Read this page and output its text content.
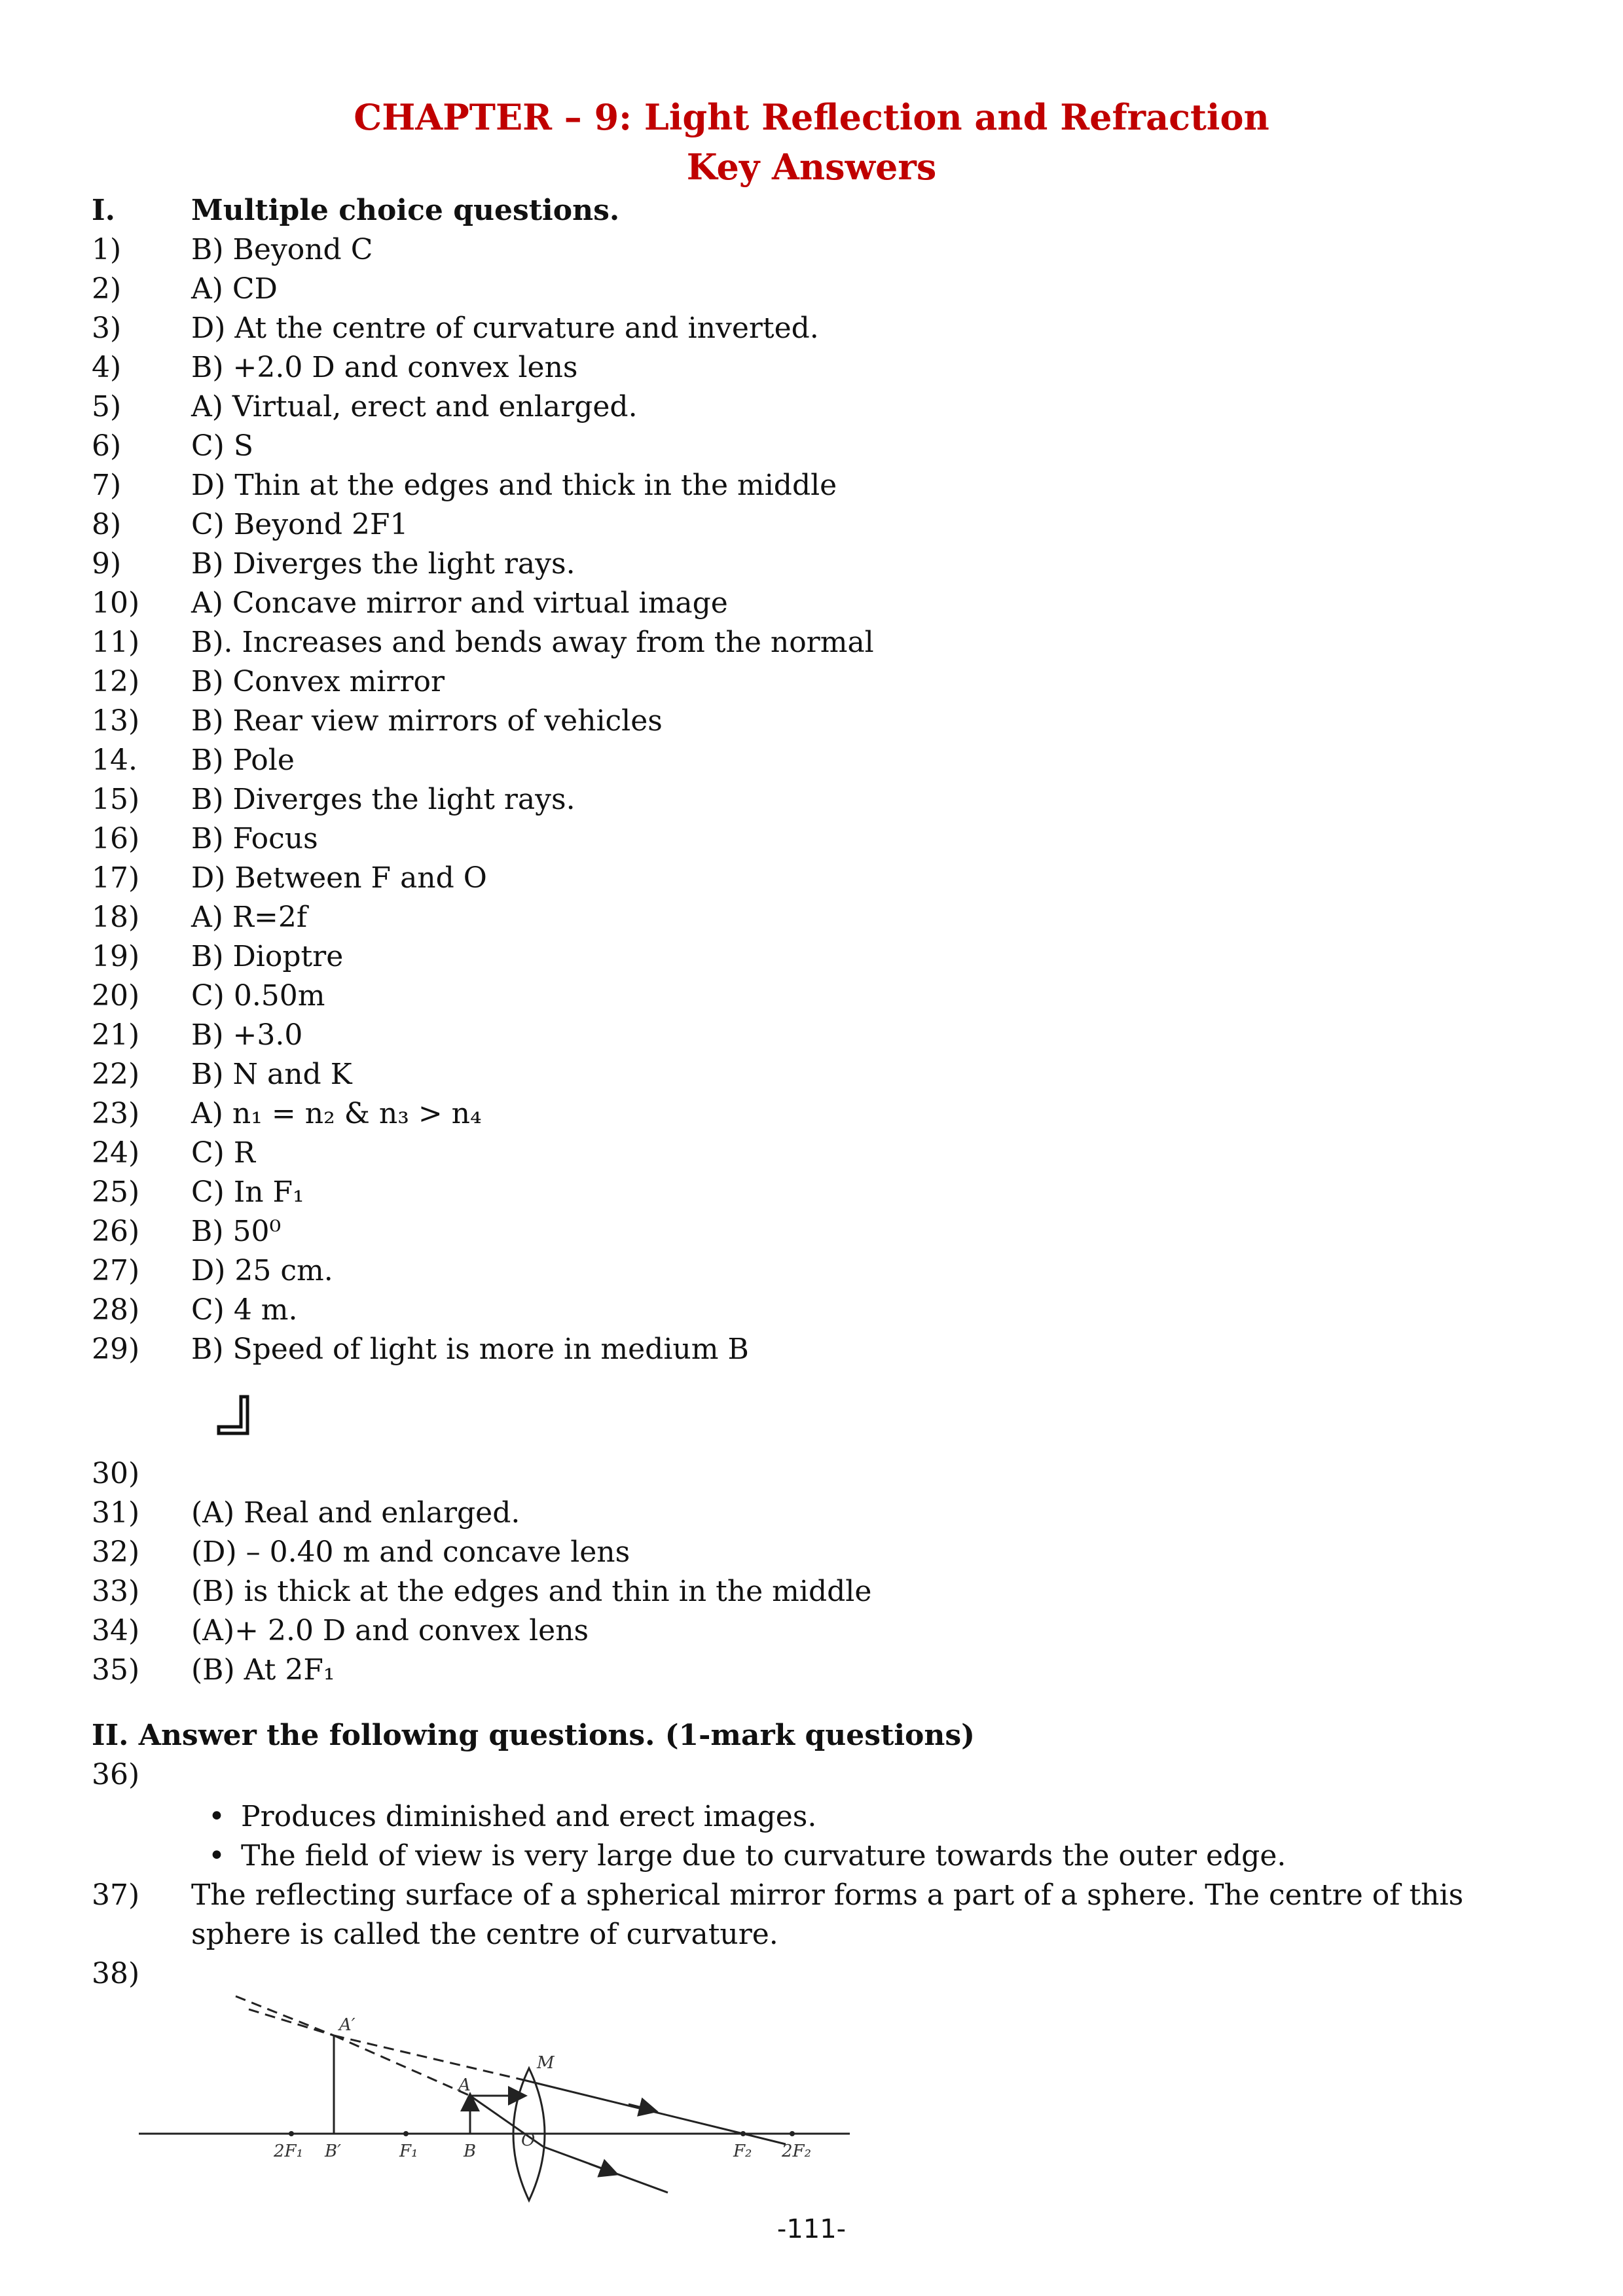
CHAPTER – 9: Light Reflection and Refraction
Key Answers
I.	Multiple choice questions.
1) B) Beyond C
2) A) CD
3) D) At the centre of curvature and inverted.
4) B) +2.0 D and convex lens
5) A) Virtual, erect and enlarged.
6) C) S
7) D) Thin at the edges and thick in the middle
8) C) Beyond 2F1
9) B) Diverges the light rays.
10) A) Concave mirror and virtual image
11) B). Increases and bends away from the normal
12) B) Convex mirror
13) B) Rear view mirrors of vehicles
14. B) Pole
15) B) Diverges the light rays.
16) B) Focus
17) D) Between F and O
18) A) R=2f
19) B) Dioptre
20) C) 0.50m
21) B) +3.0
22) B) N and K
23) A) n₁ = n₂ & n₃ > n₄
24) C) R
25) C) In F₁
26) B) 50⁰
27) D) 25 cm.
28) C) 4 m.
29) B) Speed of light is more in medium B
30)
31) (A) Real and enlarged.
32) (D) – 0.40 m and concave lens
33) (B) is thick at the edges and thin in the middle
34) (A)+ 2.0 D and convex lens
35) (B) At 2F₁
II. Answer the following questions. (1-mark questions)
36)
• Produces diminished and erect images.
• The field of view is very large due to curvature towards the outer edge.
37) The reflecting surface of a spherical mirror forms a part of a sphere. The centre of this sphere is called the centre of curvature.
38)
A′
A
M
2F₁ B′	F₁	B
O
F₂ 2F₂
-111-
